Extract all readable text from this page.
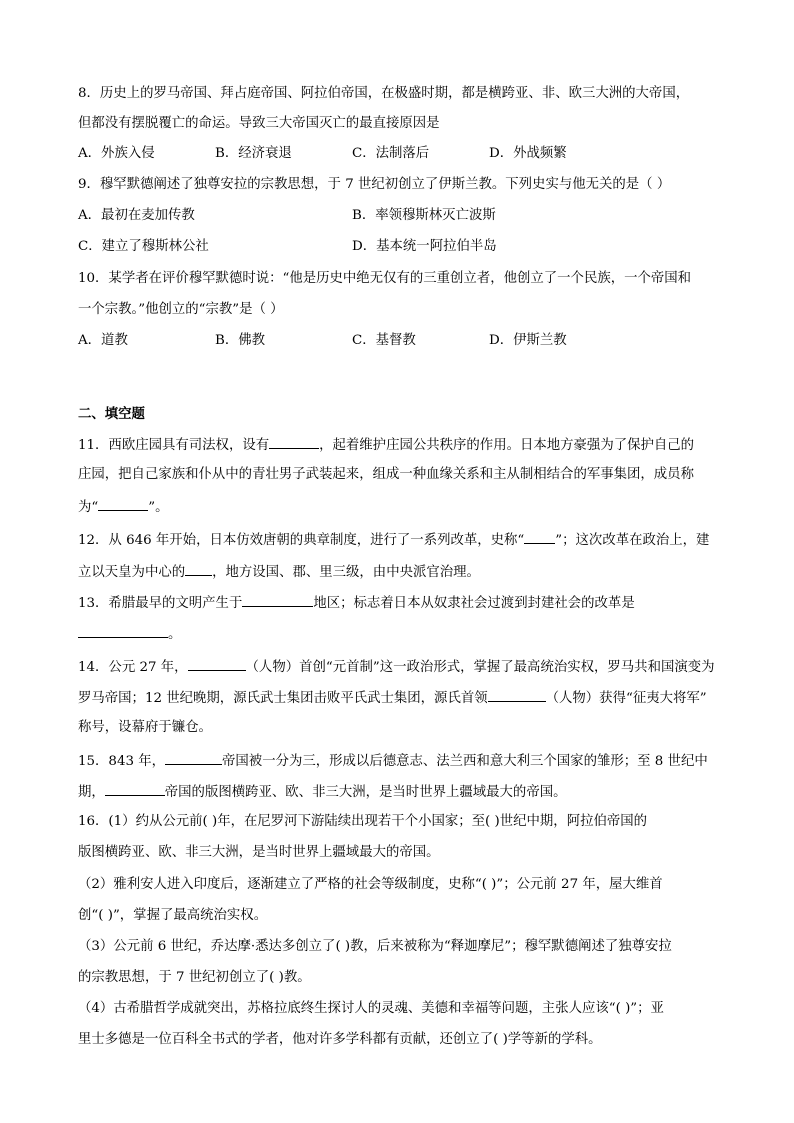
8．历史上的罗马帝国、拜占庭帝国、阿拉伯帝国，在极盛时期，都是横跨亚、非、欧三大洲的大帝国，
但都没有摆脱覆亡的命运。导致三大帝国灭亡的最直接原因是
A．外族入侵	B．经济衰退	C．法制落后	D．外战频繁
9．穆罕默德阐述了独尊安拉的宗教思想，于 7 世纪初创立了伊斯兰教。下列史实与他无关的是（ ）
A．最初在麦加传教	B．率领穆斯林灭亡波斯
C．建立了穆斯林公社	D．基本统一阿拉伯半岛
10．某学者在评价穆罕默德时说：“他是历史中绝无仅有的三重创立者，他创立了一个民族，一个帝国和
一个宗教。”他创立的“宗教”是（ ）
A．道教	B．佛教	C．基督教	D．伊斯兰教
二、填空题
11．西欧庄园具有司法权，设有	，起着维护庄园公共秩序的作用。日本地方豪强为了保护自己的
庄园，把自己家族和仆从中的青壮男子武装起来，组成一种血缘关系和主从制相结合的军事集团，成员称
为“	”。
12．从 646 年开始，日本仿效唐朝的典章制度，进行了一系列改革，史称“ ”；这次改革在政治上，建
立以天皇为中心的 ，地方设国、郡、里三级，由中央派官治理。
13．希腊最早的文明产生于	地区；标志着日本从奴隶社会过渡到封建社会的改革是
。
14．公元 27 年，	（人物）首创“元首制”这一政治形式，掌握了最高统治实权，罗马共和国演变为
罗马帝国；12 世纪晚期，源氏武士集团击败平氏武士集团，源氏首领	（人物）获得“征夷大将军”
称号，设幕府于镰仓。
15．843 年，	帝国被一分为三，形成以后德意志、法兰西和意大利三个国家的雏形；至 8 世纪中
期，	帝国的版图横跨亚、欧、非三大洲，是当时世界上疆域最大的帝国。
16．(1）约从公元前( )年，在尼罗河下游陆续出现若干个小国家；至( )世纪中期，阿拉伯帝国的
版图横跨亚、欧、非三大洲，是当时世界上疆域最大的帝国。
（2）雅利安人进入印度后，逐渐建立了严格的社会等级制度，史称“( )”；公元前 27 年，屋大维首
创“( )”，掌握了最高统治实权。
（3）公元前 6 世纪，乔达摩·悉达多创立了( )教，后来被称为“释迦摩尼”；穆罕默德阐述了独尊安拉
的宗教思想，于 7 世纪初创立了( )教。
（4）古希腊哲学成就突出，苏格拉底终生探讨人的灵魂、美德和幸福等问题，主张人应该“( )”；亚
里士多德是一位百科全书式的学者，他对许多学科都有贡献，还创立了( )学等新的学科。
